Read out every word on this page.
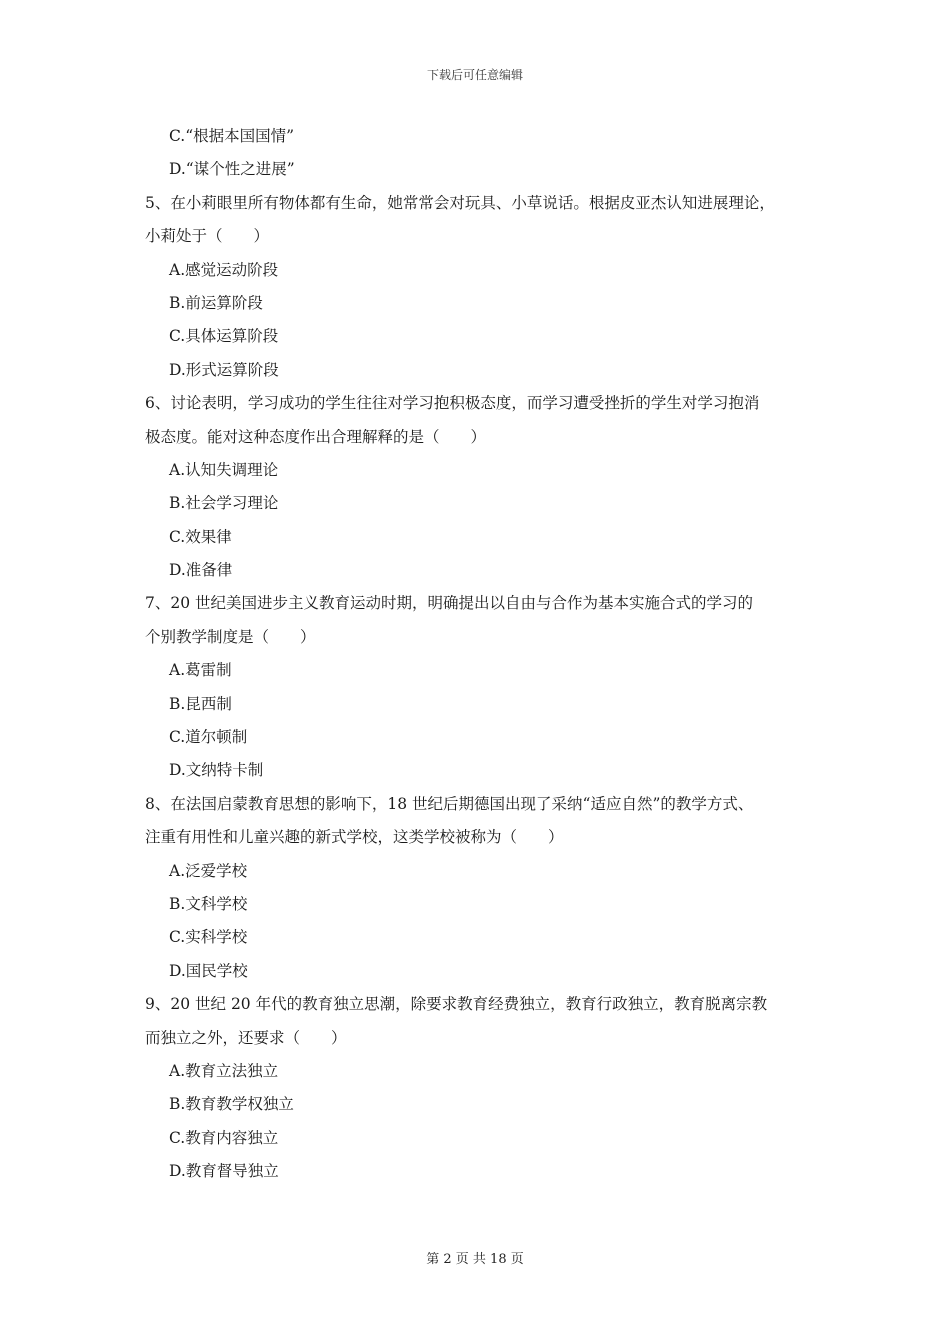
下载后可任意编辑
C.“根据本国国情”
D.“谋个性之进展”
5、在小莉眼里所有物体都有生命，她常常会对玩具、小草说话。根据皮亚杰认知进展理论，
小莉处于（　　）
A.感觉运动阶段
B.前运算阶段
C.具体运算阶段
D.形式运算阶段
6、讨论表明，学习成功的学生往往对学习抱积极态度，而学习遭受挫折的学生对学习抱消
极态度。能对这种态度作出合理解释的是（　　）
A.认知失调理论
B.社会学习理论
C.效果律
D.准备律
7、20 世纪美国进步主义教育运动时期，明确提出以自由与合作为基本实施合式的学习的
个别教学制度是（　　）
A.葛雷制
B.昆西制
C.道尔顿制
D.文纳特卡制
8、在法国启蒙教育思想的影响下，18 世纪后期德国出现了采纳“适应自然”的教学方式、
注重有用性和儿童兴趣的新式学校，这类学校被称为（　　）
A.泛爱学校
B.文科学校
C.实科学校
D.国民学校
9、20 世纪 20 年代的教育独立思潮，除要求教育经费独立，教育行政独立，教育脱离宗教
而独立之外，还要求（　　）
A.教育立法独立
B.教育教学权独立
C.教育内容独立
D.教育督导独立
第 2 页 共 18 页
